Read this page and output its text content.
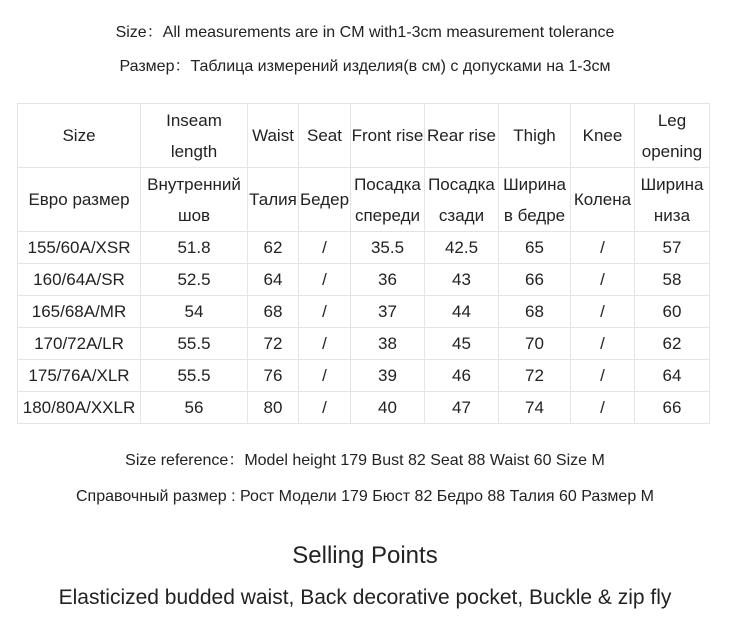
Size：All measurements are in CM with1-3cm measurement tolerance
Размер：Таблица измерений изделия(в см) с допусками на 1-3см
Size	Inseam length	Waist	Seat	Front rise	Rear rise	Thigh	Knee	Leg opening
Евро размер	Внутренний шов	Талия	Бедер	Посадка спереди	Посадка сзади	Ширина в бедре	Колена	Ширина низа
155/60A/XSR	51.8	62	/	35.5	42.5	65	/	57
160/64A/SR	52.5	64	/	36	43	66	/	58
165/68A/MR	54	68	/	37	44	68	/	60
170/72A/LR	55.5	72	/	38	45	70	/	62
175/76A/XLR	55.5	76	/	39	46	72	/	64
180/80A/XXLR	56	80	/	40	47	74	/	66
Size reference：Model height 179 Bust 82 Seat 88 Waist 60 Size M
Справочный размер : Рост Модели 179 Бюст 82 Бедро 88 Талия 60 Размер M
Selling Points
Elasticized budded waist, Back decorative pocket, Buckle & zip fly
